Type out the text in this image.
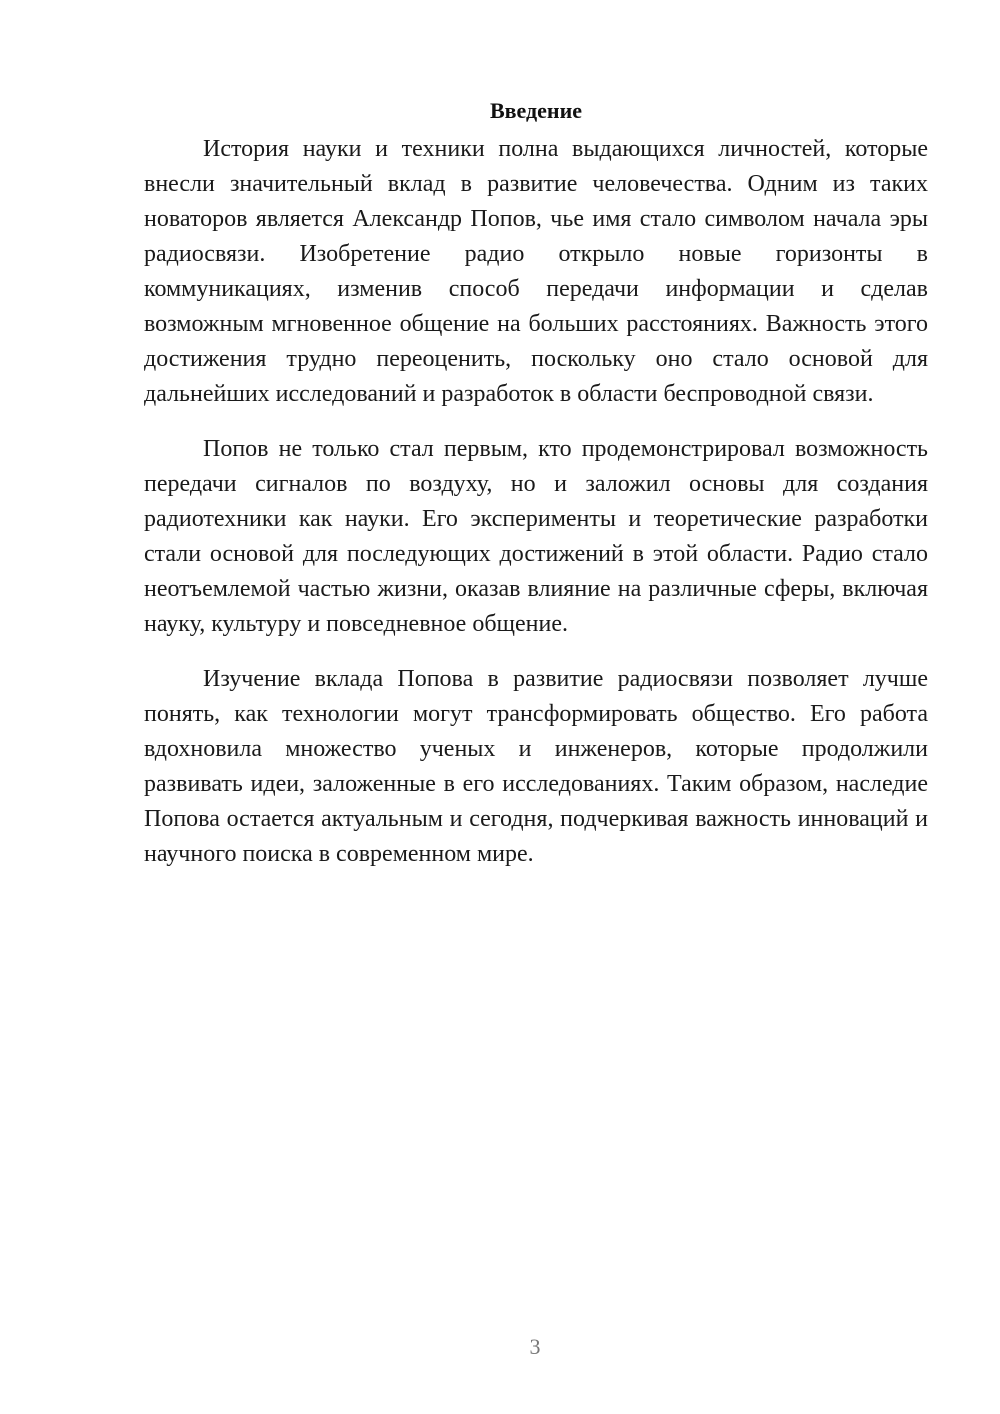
Введение

История науки и техники полна выдающихся личностей, которые внесли значительный вклад в развитие человечества. Одним из таких новаторов является Александр Попов, чье имя стало символом начала эры радиосвязи. Изобретение радио открыло новые горизонты в коммуникациях, изменив способ передачи информации и сделав возможным мгновенное общение на больших расстояниях. Важность этого достижения трудно переоценить, поскольку оно стало основой для дальнейших исследований и разработок в области беспроводной связи.

Попов не только стал первым, кто продемонстрировал возможность передачи сигналов по воздуху, но и заложил основы для создания радиотехники как науки. Его эксперименты и теоретические разработки стали основой для последующих достижений в этой области. Радио стало неотъемлемой частью жизни, оказав влияние на различные сферы, включая науку, культуру и повседневное общение.

Изучение вклада Попова в развитие радиосвязи позволяет лучше понять, как технологии могут трансформировать общество. Его работа вдохновила множество ученых и инженеров, которые продолжили развивать идеи, заложенные в его исследованиях. Таким образом, наследие Попова остается актуальным и сегодня, подчеркивая важность инноваций и научного поиска в современном мире.

3
